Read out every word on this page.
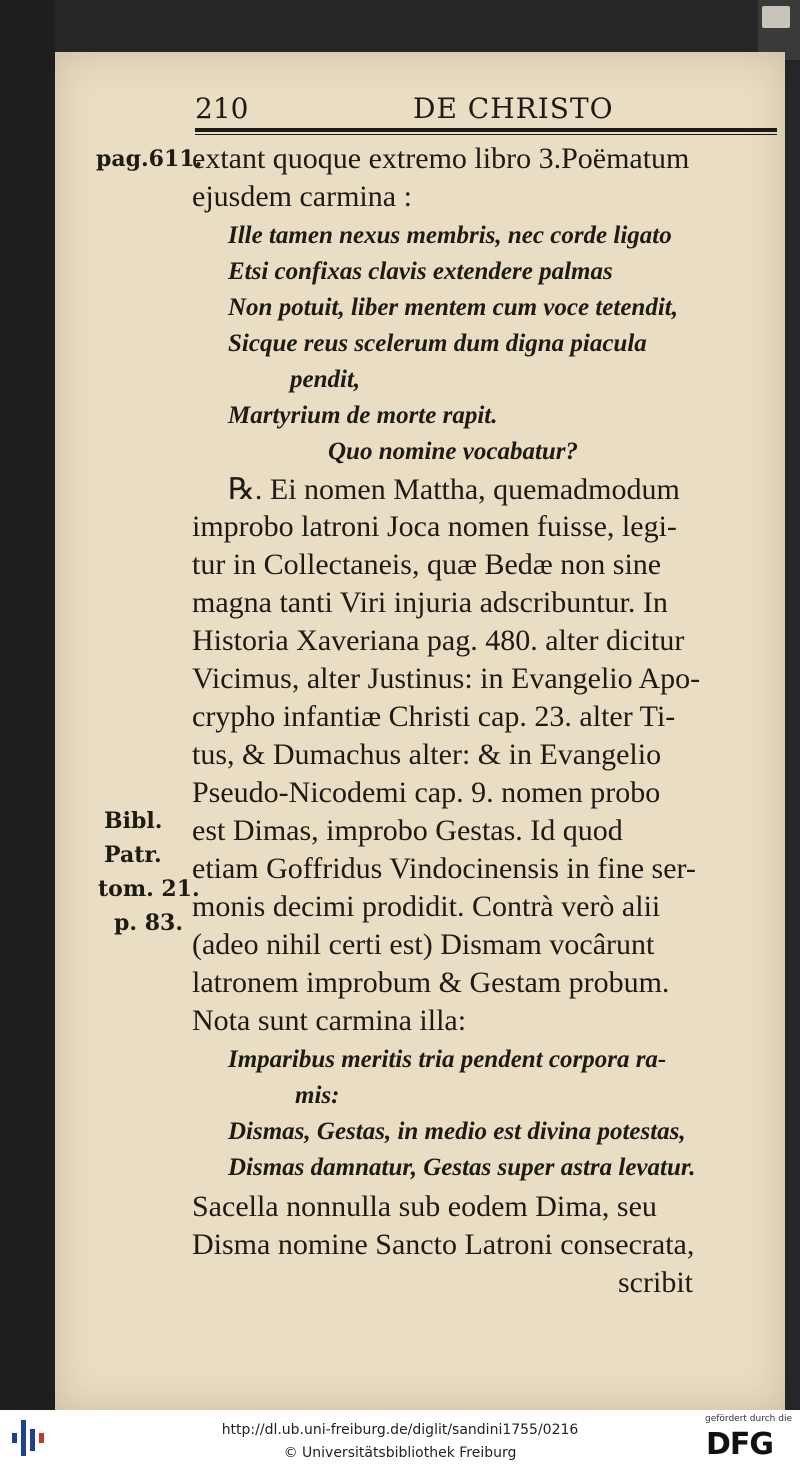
210	DE CHRISTO
pag.611.
Bibl.
Patr.
tom. 21.
p. 83.
extant quoque extremo libro 3.Poëmatum
ejusdem carmina :
Ille tamen nexus membris, nec corde ligato
Etsi confixas clavis extendere palmas
Non potuit, liber mentem cum voce tetendit,
Sicque reus scelerum dum digna piacula
pendit,
Martyrium de morte rapit.
Quo nomine vocabatur?
℞. Ei nomen Mattha, quemadmodum
improbo latroni Joca nomen fuisse, legi-
tur in Collectaneis, quæ Bedæ non sine
magna tanti Viri injuria adscribuntur. In
Historia Xaveriana pag. 480. alter dicitur
Vicimus, alter Justinus: in Evangelio Apo-
crypho infantiæ Christi cap. 23. alter Ti-
tus, & Dumachus alter: & in Evangelio
Pseudo-Nicodemi cap. 9. nomen probo
est Dimas, improbo Gestas. Id quod
etiam Goffridus Vindocinensis in fine ser-
monis decimi prodidit. Contrà verò alii
(adeo nihil certi est) Dismam vocârunt
latronem improbum & Gestam probum.
Nota sunt carmina illa:
Imparibus meritis tria pendent corpora ra-
mis:
Dismas, Gestas, in medio est divina potestas,
Dismas damnatur, Gestas super astra levatur.
Sacella nonnulla sub eodem Dima, seu
Disma nomine Sancto Latroni consecrata,
scribit
http://dl.ub.uni-freiburg.de/diglit/sandini1755/0216
© Universitätsbibliothek Freiburg
gefördert durch die
DFG
